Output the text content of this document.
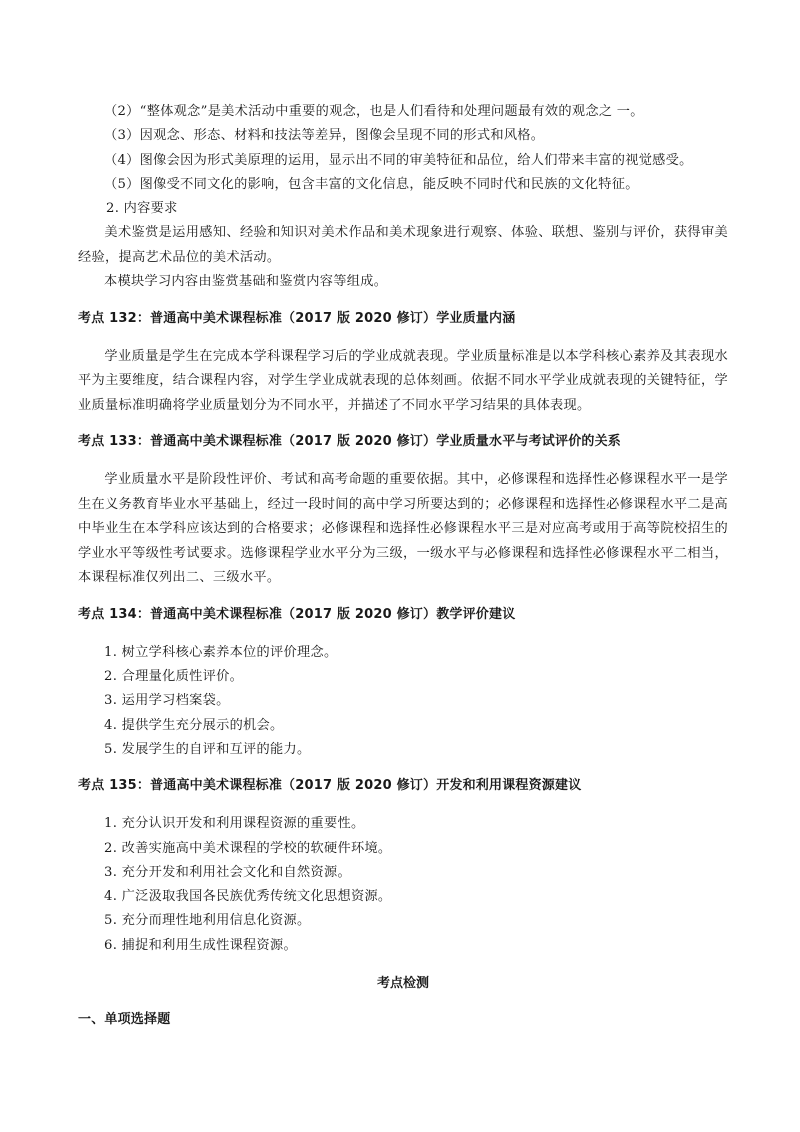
（2）“整体观念”是美术活动中重要的观念，也是人们看待和处理问题最有效的观念之 一。
（3）因观念、形态、材料和技法等差异，图像会呈现不同的形式和风格。
（4）图像会因为形式美原理的运用，显示出不同的审美特征和品位，给人们带来丰富的视觉感受。
（5）图像受不同文化的影响，包含丰富的文化信息，能反映不同时代和民族的文化特征。
2. 内容要求

美术鉴赏是运用感知、经验和知识对美术作品和美术现象进行观察、体验、联想、鉴别与评价，获得审美经验，提高艺术品位的美术活动。

本模块学习内容由鉴赏基础和鉴赏内容等组成。
考点 132：普通高中美术课程标准（2017 版 2020 修订）学业质量内涵

学业质量是学生在完成本学科课程学习后的学业成就表现。学业质量标准是以本学科核心素养及其表现水平为主要维度，结合课程内容，对学生学业成就表现的总体刻画。依据不同水平学业成就表现的关键特征，学业质量标准明确将学业质量划分为不同水平，并描述了不同水平学习结果的具体表现。

考点 133：普通高中美术课程标准（2017 版 2020 修订）学业质量水平与考试评价的关系

学业质量水平是阶段性评价、考试和高考命题的重要依据。其中，必修课程和选择性必修课程水平一是学生在义务教育毕业水平基础上，经过一段时间的高中学习所要达到的；必修课程和选择性必修课程水平二是高中毕业生在本学科应该达到的合格要求；必修课程和选择性必修课程水平三是对应高考或用于高等院校招生的学业水平等级性考试要求。选修课程学业水平分为三级，一级水平与必修课程和选择性必修课程水平二相当，本课程标准仅列出二、三级水平。

考点 134：普通高中美术课程标准（2017 版 2020 修订）教学评价建议
1. 树立学科核心素养本位的评价理念。
2. 合理量化质性评价。
3. 运用学习档案袋。
4. 提供学生充分展示的机会。
5. 发展学生的自评和互评的能力。
考点 135：普通高中美术课程标准（2017 版 2020 修订）开发和利用课程资源建议
1. 充分认识开发和利用课程资源的重要性。
2. 改善实施高中美术课程的学校的软硬件环境。
3. 充分开发和利用社会文化和自然资源。
4. 广泛汲取我国各民族优秀传统文化思想资源。
5. 充分而理性地利用信息化资源。
6. 捕捉和利用生成性课程资源。
考点检测
一、单项选择题
